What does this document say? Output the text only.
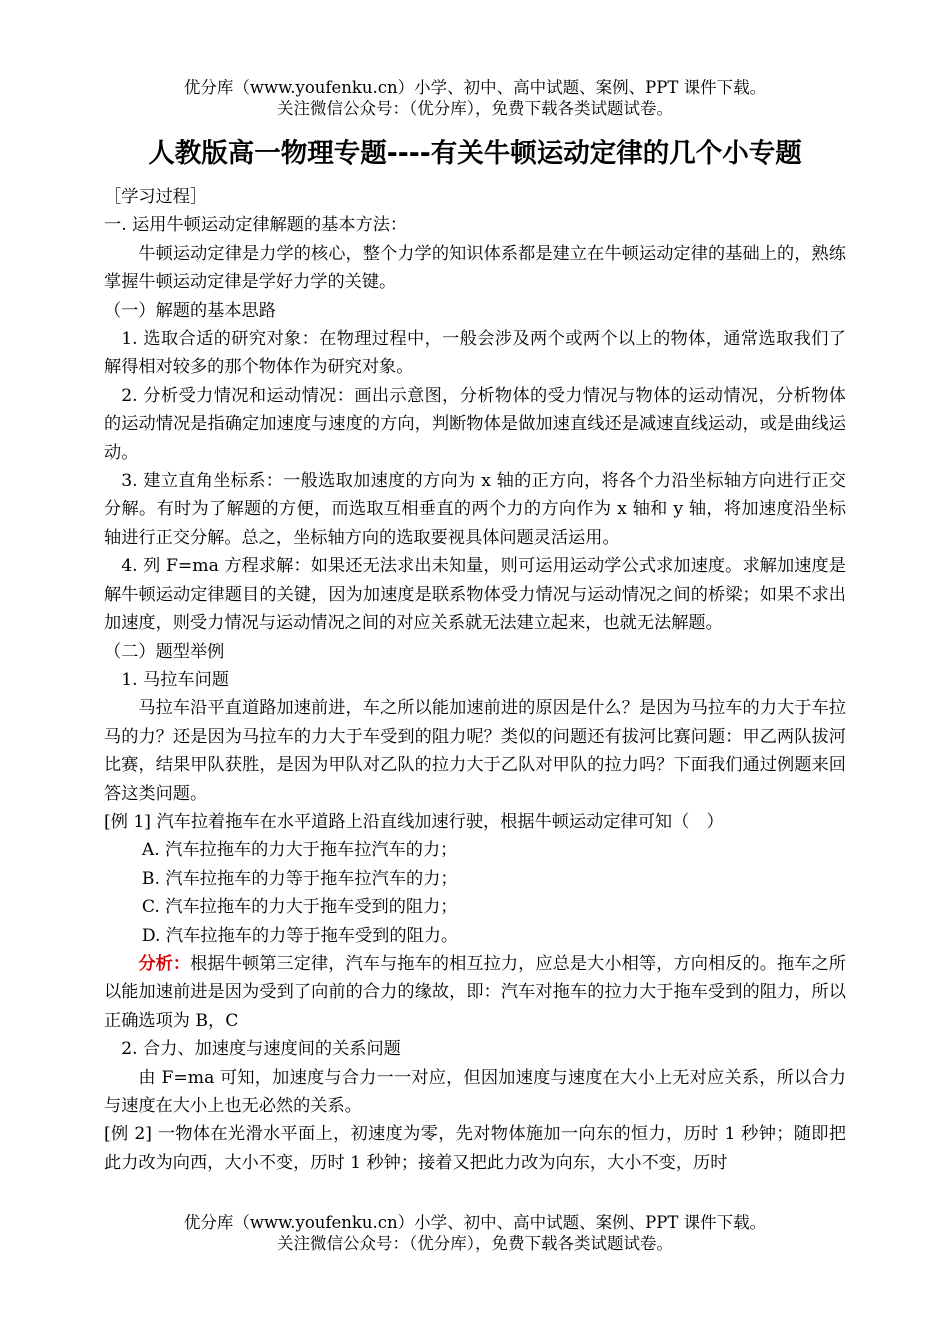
优分库（www.youfenku.cn）小学、初中、高中试题、案例、PPT 课件下载。
关注微信公众号：（优分库），免费下载各类试题试卷。
人教版高一物理专题----有关牛顿运动定律的几个小专题

［学习过程］

一. 运用牛顿运动定律解题的基本方法：

牛顿运动定律是力学的核心，整个力学的知识体系都是建立在牛顿运动定律的基础上的，熟练掌握牛顿运动定律是学好力学的关键。

（一）解题的基本思路

1. 选取合适的研究对象：在物理过程中，一般会涉及两个或两个以上的物体，通常选取我们了解得相对较多的那个物体作为研究对象。

2. 分析受力情况和运动情况：画出示意图，分析物体的受力情况与物体的运动情况，分析物体的运动情况是指确定加速度与速度的方向，判断物体是做加速直线还是减速直线运动，或是曲线运动。

3. 建立直角坐标系：一般选取加速度的方向为 x 轴的正方向，将各个力沿坐标轴方向进行正交分解。有时为了解题的方便，而选取互相垂直的两个力的方向作为 x 轴和 y 轴，将加速度沿坐标轴进行正交分解。总之，坐标轴方向的选取要视具体问题灵活运用。

4. 列 F=ma 方程求解：如果还无法求出未知量，则可运用运动学公式求加速度。求解加速度是解牛顿运动定律题目的关键，因为加速度是联系物体受力情况与运动情况之间的桥梁；如果不求出加速度，则受力情况与运动情况之间的对应关系就无法建立起来，也就无法解题。

（二）题型举例

1. 马拉车问题

马拉车沿平直道路加速前进，车之所以能加速前进的原因是什么？是因为马拉车的力大于车拉马的力？还是因为马拉车的力大于车受到的阻力呢？类似的问题还有拔河比赛问题：甲乙两队拔河比赛，结果甲队获胜，是因为甲队对乙队的拉力大于乙队对甲队的拉力吗？下面我们通过例题来回答这类问题。

[例 1] 汽车拉着拖车在水平道路上沿直线加速行驶，根据牛顿运动定律可知（　）

A. 汽车拉拖车的力大于拖车拉汽车的力；

B. 汽车拉拖车的力等于拖车拉汽车的力；

C. 汽车拉拖车的力大于拖车受到的阻力；

D. 汽车拉拖车的力等于拖车受到的阻力。

分析：根据牛顿第三定律，汽车与拖车的相互拉力，应总是大小相等，方向相反的。拖车之所以能加速前进是因为受到了向前的合力的缘故，即：汽车对拖车的拉力大于拖车受到的阻力，所以正确选项为 B，C

2. 合力、加速度与速度间的关系问题

由 F=ma 可知，加速度与合力一一对应，但因加速度与速度在大小上无对应关系，所以合力与速度在大小上也无必然的关系。

[例 2] 一物体在光滑水平面上，初速度为零，先对物体施加一向东的恒力，历时 1 秒钟；随即把此力改为向西，大小不变，历时 1 秒钟；接着又把此力改为向东，大小不变，历时

优分库（www.youfenku.cn）小学、初中、高中试题、案例、PPT 课件下载。
关注微信公众号：（优分库），免费下载各类试题试卷。
